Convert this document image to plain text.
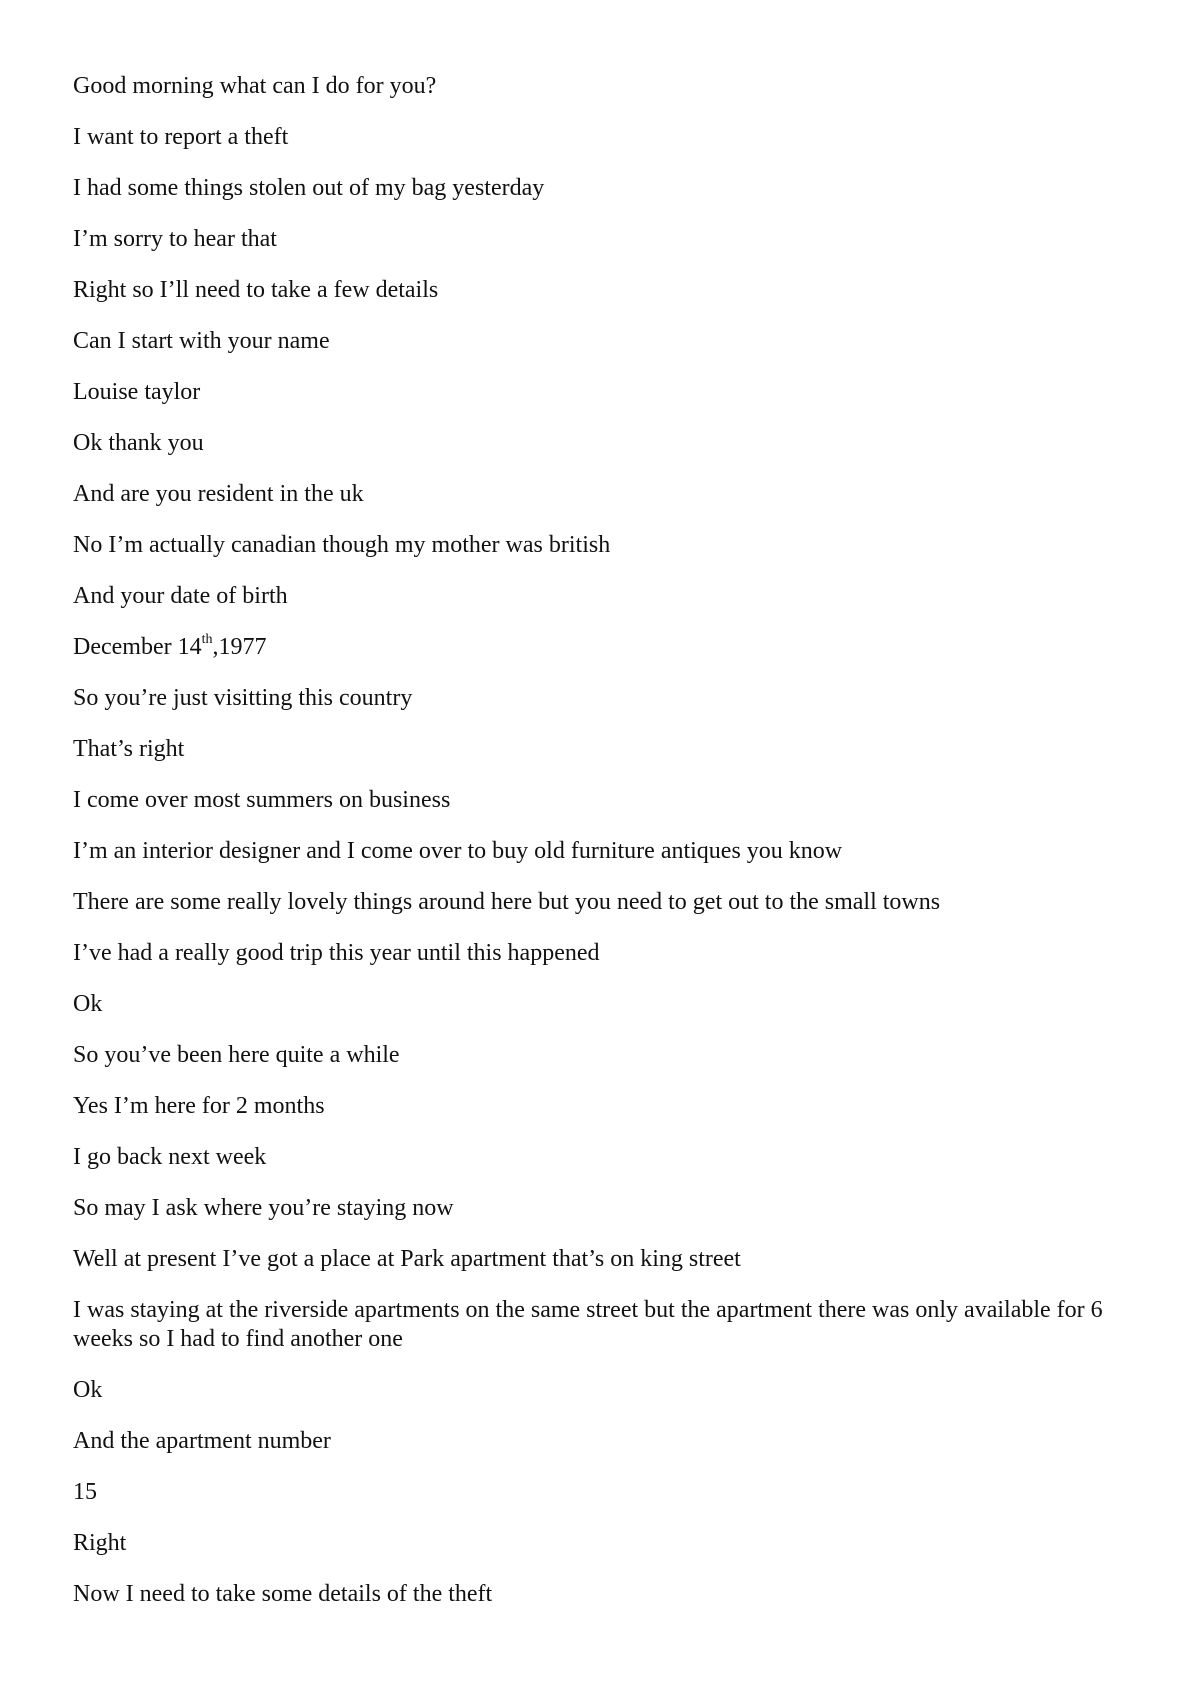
Good morning what can I do for you?

I want to report a theft

I had some things stolen out of my bag yesterday

I’m sorry to hear that

Right so I’ll need to take a few details

Can I start with your name

Louise taylor

Ok thank you

And are you resident in the uk

No I’m actually canadian though my mother was british

And your date of birth

December 14th,1977

So you’re just visitting this country

That’s right

I come over most summers on business

I’m an interior designer and I come over to buy old furniture antiques you know

There are some really lovely things around here but you need to get out to the small towns

I’ve had a really good trip this year until this happened

Ok

So you’ve been here quite a while

Yes I’m here for 2 months

I go back next week

So may I ask where you’re staying now

Well at present I’ve got a place at Park apartment that’s on king street

I was staying at the riverside apartments on the same street but the apartment there was only available for 6 weeks so I had to find another one

Ok

And the apartment number

15

Right

Now I need to take some details of the theft
